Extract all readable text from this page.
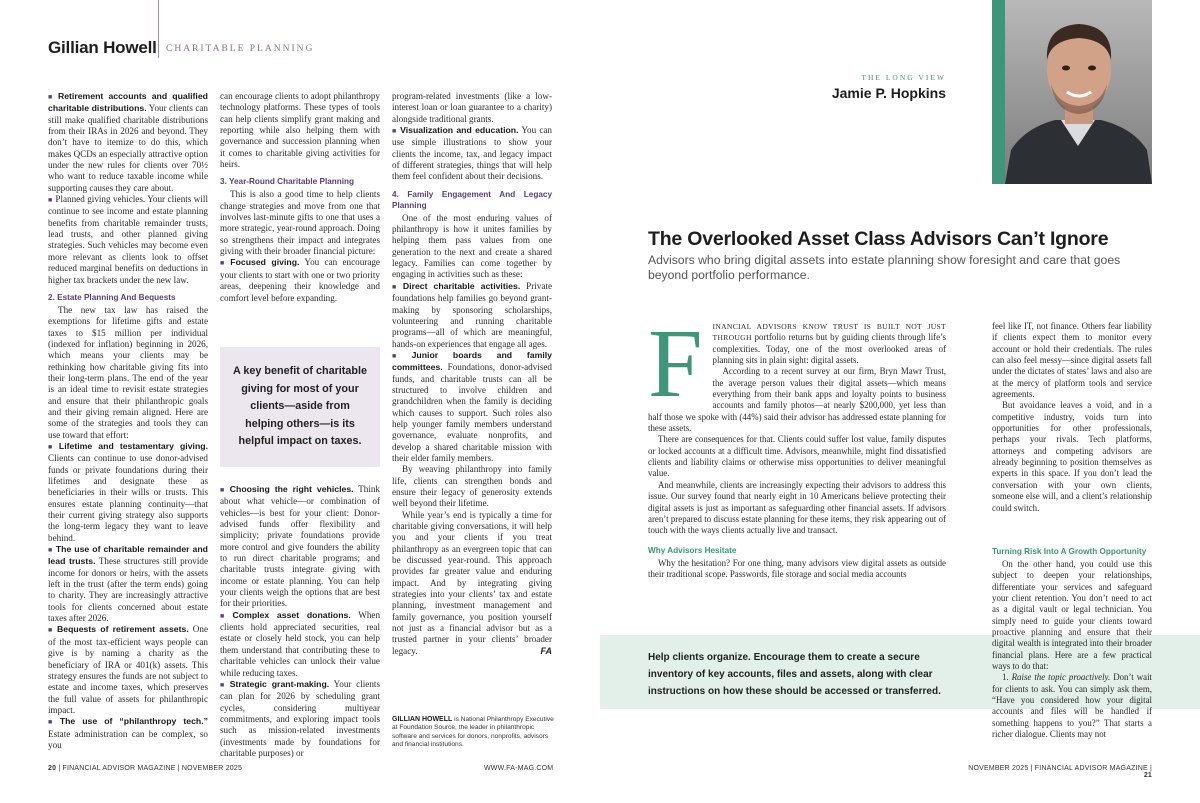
Gillian Howell CHARITABLE PLANNING

■ Retirement accounts and qualified charitable distributions. Your clients can still make qualified charitable distributions from their IRAs in 2026 and beyond. They don’t have to itemize to do this, which makes QCDs an especially attractive option under the new rules for clients over 70½ who want to reduce taxable income while supporting causes they care about.

■ Planned giving vehicles. Your clients will continue to see income and estate planning benefits from charitable remainder trusts, lead trusts, and other planned giving strategies. Such vehicles may become even more relevant as clients look to offset reduced marginal benefits on deductions in higher tax brackets under the new law.

2. Estate Planning And Bequests

The new tax law has raised the exemptions for lifetime gifts and estate taxes to $15 million per individual (indexed for inflation) beginning in 2026, which means your clients may be rethinking how charitable giving fits into their long-term plans. The end of the year is an ideal time to revisit estate strategies and ensure that their philanthropic goals and their giving remain aligned. Here are some of the strategies and tools they can use toward that effort:

■ Lifetime and testamentary giving. Clients can continue to use donor-advised funds or private foundations during their lifetimes and designate these as beneficiaries in their wills or trusts. This ensures estate planning continuity—that their current giving strategy also supports the long-term legacy they want to leave behind.

■ The use of charitable remainder and lead trusts. These structures still provide income for donors or heirs, with the assets left in the trust (after the term ends) going to charity. They are increasingly attractive tools for clients concerned about estate taxes after 2026.

■ Bequests of retirement assets. One of the most tax-efficient ways people can give is by naming a charity as the beneficiary of IRA or 401(k) assets. This strategy ensures the funds are not subject to estate and income taxes, which preserves the full value of assets for philanthropic impact.

■ The use of “philanthropy tech.” Estate administration can be complex, so you

can encourage clients to adopt philanthropy technology platforms. These types of tools can help clients simplify grant making and reporting while also helping them with governance and succession planning when it comes to charitable giving activities for heirs.

3. Year-Round Charitable Planning

This is also a good time to help clients change strategies and move from one that involves last-minute gifts to one that uses a more strategic, year-round approach. Doing so strengthens their impact and integrates giving with their broader financial picture:

■ Focused giving. You can encourage your clients to start with one or two priority areas, deepening their knowledge and comfort level before expanding.

A key benefit of charitable giving for most of your clients—aside from helping others—is its helpful impact on taxes.

■ Choosing the right vehicles. Think about what vehicle—or combination of vehicles—is best for your client: Donor-advised funds offer flexibility and simplicity; private foundations provide more control and give founders the ability to run direct charitable programs; and charitable trusts integrate giving with income or estate planning. You can help your clients weigh the options that are best for their priorities.

■ Complex asset donations. When clients hold appreciated securities, real estate or closely held stock, you can help them understand that contributing these to charitable vehicles can unlock their value while reducing taxes.

■ Strategic grant-making. Your clients can plan for 2026 by scheduling grant cycles, considering multiyear commitments, and exploring impact tools such as mission-related investments (investments made by foundations for charitable purposes) or

program-related investments (like a low-interest loan or loan guarantee to a charity) alongside traditional grants.

■ Visualization and education. You can use simple illustrations to show your clients the income, tax, and legacy impact of different strategies, things that will help them feel confident about their decisions.

4. Family Engagement And Legacy Planning

One of the most enduring values of philanthropy is how it unites families by helping them pass values from one generation to the next and create a shared legacy. Families can come together by engaging in activities such as these:

■ Direct charitable activities. Private foundations help families go beyond grant-making by sponsoring scholarships, volunteering and running charitable programs—all of which are meaningful, hands-on experiences that engage all ages.

■ Junior boards and family committees. Foundations, donor-advised funds, and charitable trusts can all be structured to involve children and grandchildren when the family is deciding which causes to support. Such roles also help younger family members understand governance, evaluate nonprofits, and develop a shared charitable mission with their elder family members.

By weaving philanthropy into family life, clients can strengthen bonds and ensure their legacy of generosity extends well beyond their lifetime.

While year’s end is typically a time for charitable giving conversations, it will help you and your clients if you treat philanthropy as an evergreen topic that can be discussed year-round. This approach provides far greater value and enduring impact. And by integrating giving strategies into your clients’ tax and estate planning, investment management and family governance, you position yourself not just as a financial advisor but as a trusted partner in your clients’ broader legacy.	FA

GILLIAN HOWELL is National Philanthropy Executive at Foundation Source, the leader in philanthropic software and services for donors, nonprofits, advisors and financial institutions.
20 | FINANCIAL ADVISOR MAGAZINE | NOVEMBER 2025	WWW.FA-MAG.COM
THE LONG VIEW
Jamie P. Hopkins
The Overlooked Asset Class Advisors Can’t Ignore
Advisors who bring digital assets into estate planning show foresight and care that goes beyond portfolio performance.

F INANCIAL ADVISORS KNOW TRUST IS BUILT NOT JUST THROUGH portfolio returns but by guiding clients through life’s complexities. Today, one of the most overlooked areas of planning sits in plain sight: digital assets.

According to a recent survey at our firm, Bryn Mawr Trust, the average person values their digital assets—which means everything from their bank apps and loyalty points to business accounts and family photos—at nearly $200,000, yet less than half those we spoke with (44%) said their advisor has addressed estate planning for these assets.

There are consequences for that. Clients could suffer lost value, family disputes or locked accounts at a difficult time. Advisors, meanwhile, might find dissatisfied clients and liability claims or otherwise miss opportunities to deliver meaningful value.

And meanwhile, clients are increasingly expecting their advisors to address this issue. Our survey found that nearly eight in 10 Americans believe protecting their digital assets is just as important as safeguarding other financial assets. If advisors aren’t prepared to discuss estate planning for these items, they risk appearing out of touch with the ways clients actually live and transact.

Why Advisors Hesitate

Why the hesitation? For one thing, many advisors view digital assets as outside their traditional scope. Passwords, file storage and social media accounts

feel like IT, not finance. Others fear liability if clients expect them to monitor every account or hold their credentials. The rules can also feel messy—since digital assets fall under the dictates of states’ laws and also are at the mercy of platform tools and service agreements.

But avoidance leaves a void, and in a competitive industry, voids turn into opportunities for other professionals, perhaps your rivals. Tech platforms, attorneys and competing advisors are already beginning to position themselves as experts in this space. If you don’t lead the conversation with your own clients, someone else will, and a client’s relationship could switch.

Turning Risk Into A Growth Opportunity

On the other hand, you could use this subject to deepen your relationships, differentiate your services and safeguard your client retention. You don’t need to act as a digital vault or legal technician. You simply need to guide your clients toward proactive planning and ensure that their digital wealth is integrated into their broader financial plans. Here are a few practical ways to do that:

1. Raise the topic proactively. Don’t wait for clients to ask. You can simply ask them, “Have you considered how your digital accounts and files will be handled if something happens to you?” That starts a richer dialogue. Clients may not

Help clients organize. Encourage them to create a secure inventory of key accounts, files and assets, along with clear instructions on how these should be accessed or transferred.
NOVEMBER 2025 | FINANCIAL ADVISOR MAGAZINE | 21
